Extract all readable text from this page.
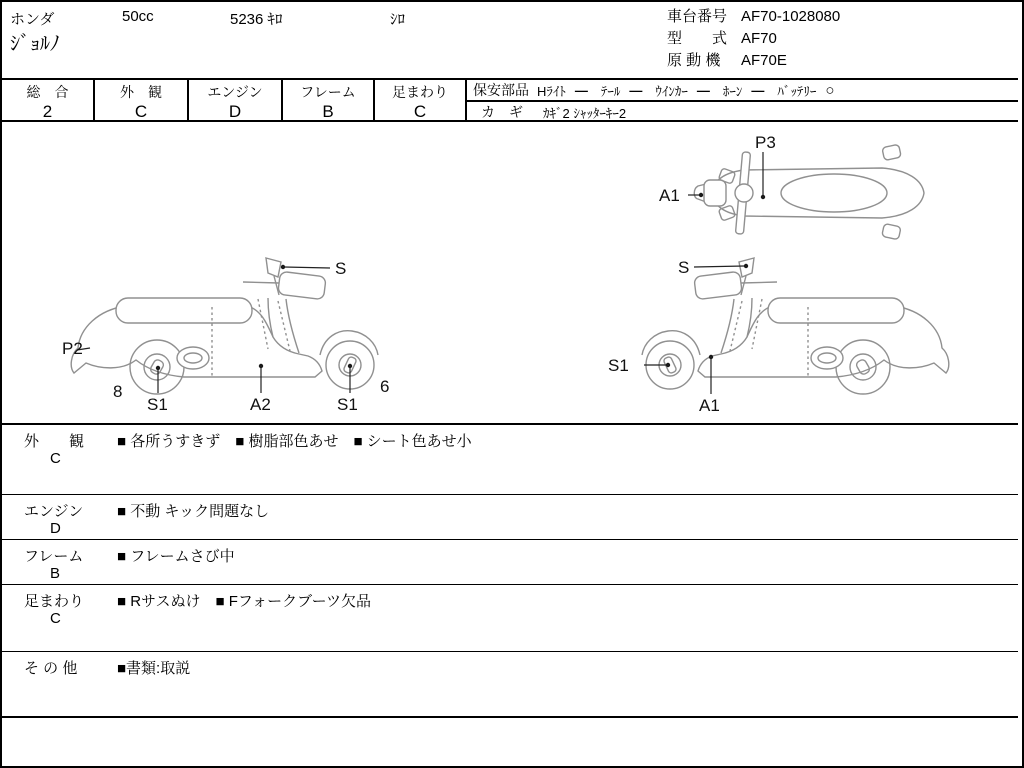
ホンダ	50cc	5236 ｷﾛ	ｼﾛ
ｼﾞｮﾙﾉ
車台番号 AF70-1028080
型　　式 AF70
原 動 機 AF70E
総　合
2
外　観
C
エンジン
D
フレーム
B
足まわり
C
保安部品 Hﾗｲﾄ — ﾃｰﾙ — ｳｲﾝｶｰ — ﾎｰﾝ — ﾊﾞｯﾃﾘｰ ○
カ　ギ ｶｷﾞ2 ｼｬｯﾀｰｷｰ2
P3
A1
S
P2
8
S1	A2	S1
6
S
S1
A1
外　　観
C
■ 各所うすきず　■ 樹脂部色あせ　■ シート色あせ小
エンジン
D
■ 不動 キック問題なし
フレーム
B
■ フレームさび中
足まわり
C
■ Rサスぬけ　■ Fフォークブーツ欠品
そ の 他	■書類:取説
